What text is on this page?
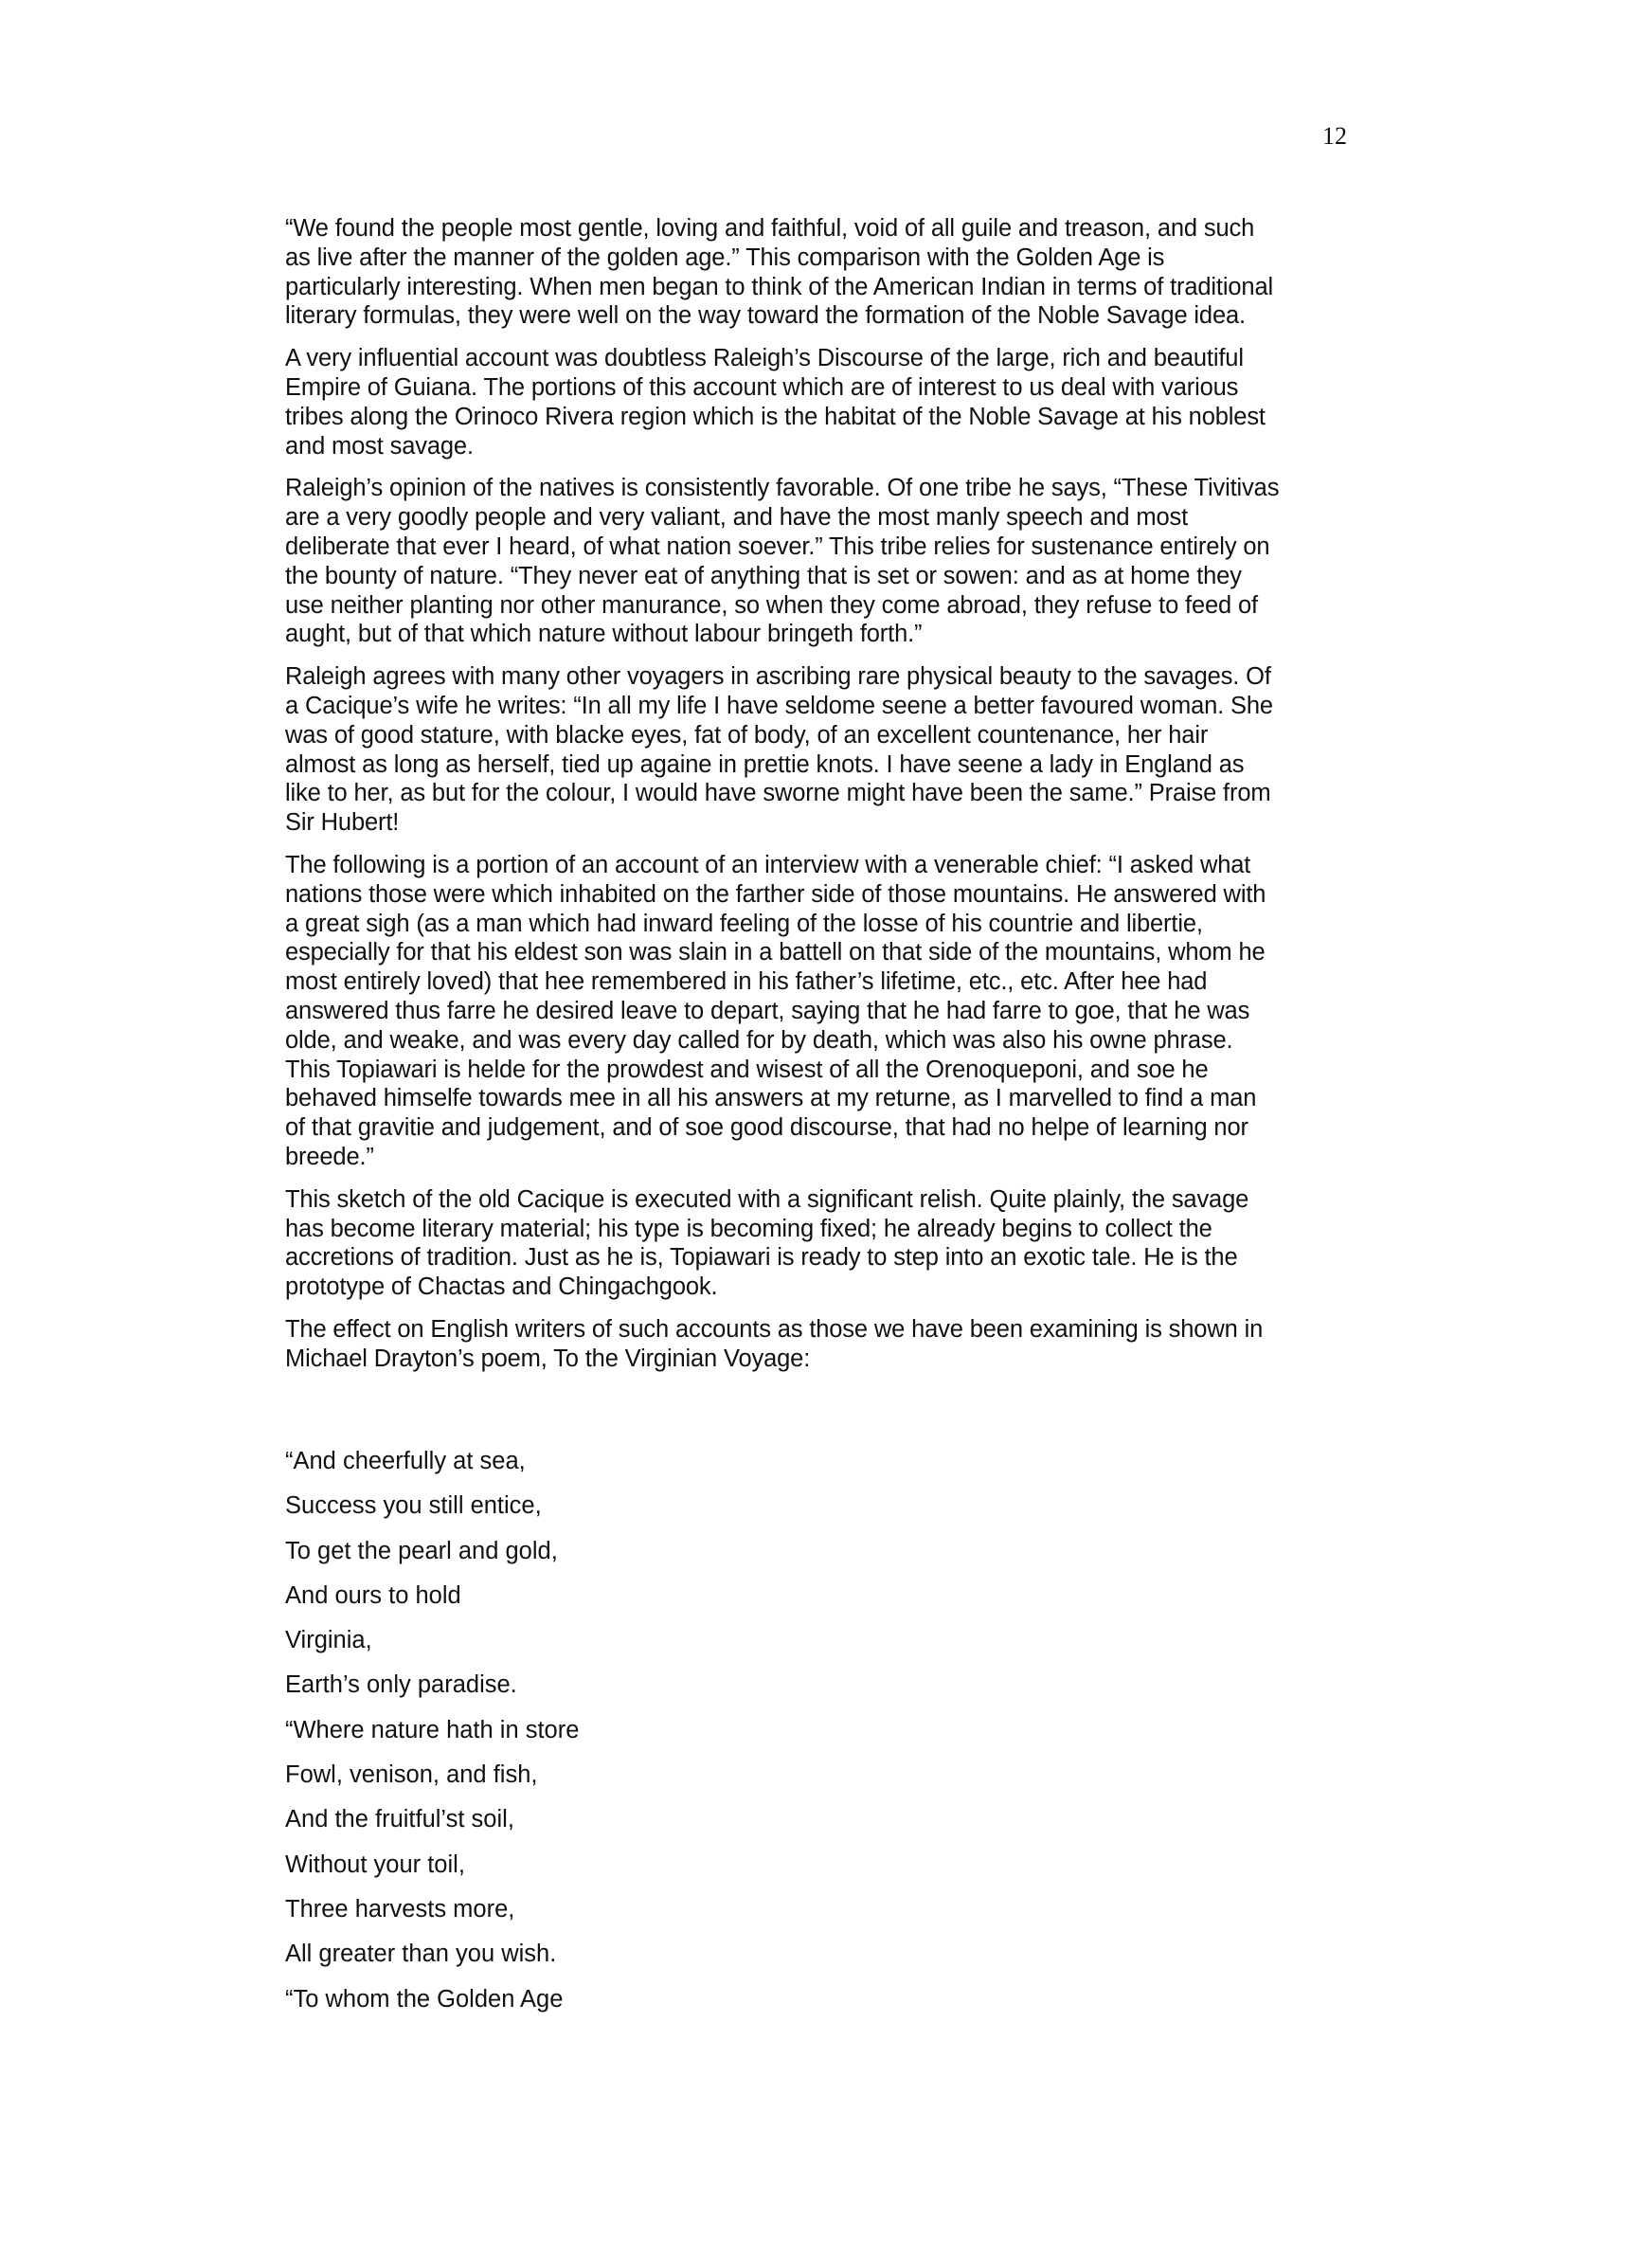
12

“We found the people most gentle, loving and faithful, void of all guile and treason, and such
as live after the manner of the golden age.” This comparison with the Golden Age is
particularly interesting. When men began to think of the American Indian in terms of traditional
literary formulas, they were well on the way toward the formation of the Noble Savage idea.

A very influential account was doubtless Raleigh’s Discourse of the large, rich and beautiful
Empire of Guiana. The portions of this account which are of interest to us deal with various
tribes along the Orinoco Rivera region which is the habitat of the Noble Savage at his noblest
and most savage.

Raleigh’s opinion of the natives is consistently favorable. Of one tribe he says, “These Tivitivas
are a very goodly people and very valiant, and have the most manly speech and most
deliberate that ever I heard, of what nation soever.” This tribe relies for sustenance entirely on
the bounty of nature. “They never eat of anything that is set or sowen: and as at home they
use neither planting nor other manurance, so when they come abroad, they refuse to feed of
aught, but of that which nature without labour bringeth forth.”

Raleigh agrees with many other voyagers in ascribing rare physical beauty to the savages. Of
a Cacique’s wife he writes: “In all my life I have seldome seene a better favoured woman. She
was of good stature, with blacke eyes, fat of body, of an excellent countenance, her hair
almost as long as herself, tied up againe in prettie knots. I have seene a lady in England as
like to her, as but for the colour, I would have sworne might have been the same.” Praise from
Sir Hubert!

The following is a portion of an account of an interview with a venerable chief: “I asked what
nations those were which inhabited on the farther side of those mountains. He answered with
a great sigh (as a man which had inward feeling of the losse of his countrie and libertie,
especially for that his eldest son was slain in a battell on that side of the mountains, whom he
most entirely loved) that hee remembered in his father’s lifetime, etc., etc. After hee had
answered thus farre he desired leave to depart, saying that he had farre to goe, that he was
olde, and weake, and was every day called for by death, which was also his owne phrase.
This Topiawari is helde for the prowdest and wisest of all the Orenoqueponi, and soe he
behaved himselfe towards mee in all his answers at my returne, as I marvelled to find a man
of that gravitie and judgement, and of soe good discourse, that had no helpe of learning nor
breede.”

This sketch of the old Cacique is executed with a significant relish. Quite plainly, the savage
has become literary material; his type is becoming fixed; he already begins to collect the
accretions of tradition. Just as he is, Topiawari is ready to step into an exotic tale. He is the
prototype of Chactas and Chingachgook.

The effect on English writers of such accounts as those we have been examining is shown in
Michael Drayton’s poem, To the Virginian Voyage:

“And cheerfully at sea,
Success you still entice,
To get the pearl and gold,
And ours to hold
Virginia,
Earth’s only paradise.
“Where nature hath in store
Fowl, venison, and fish,
And the fruitful’st soil,
Without your toil,
Three harvests more,
All greater than you wish.
“To whom the Golden Age
